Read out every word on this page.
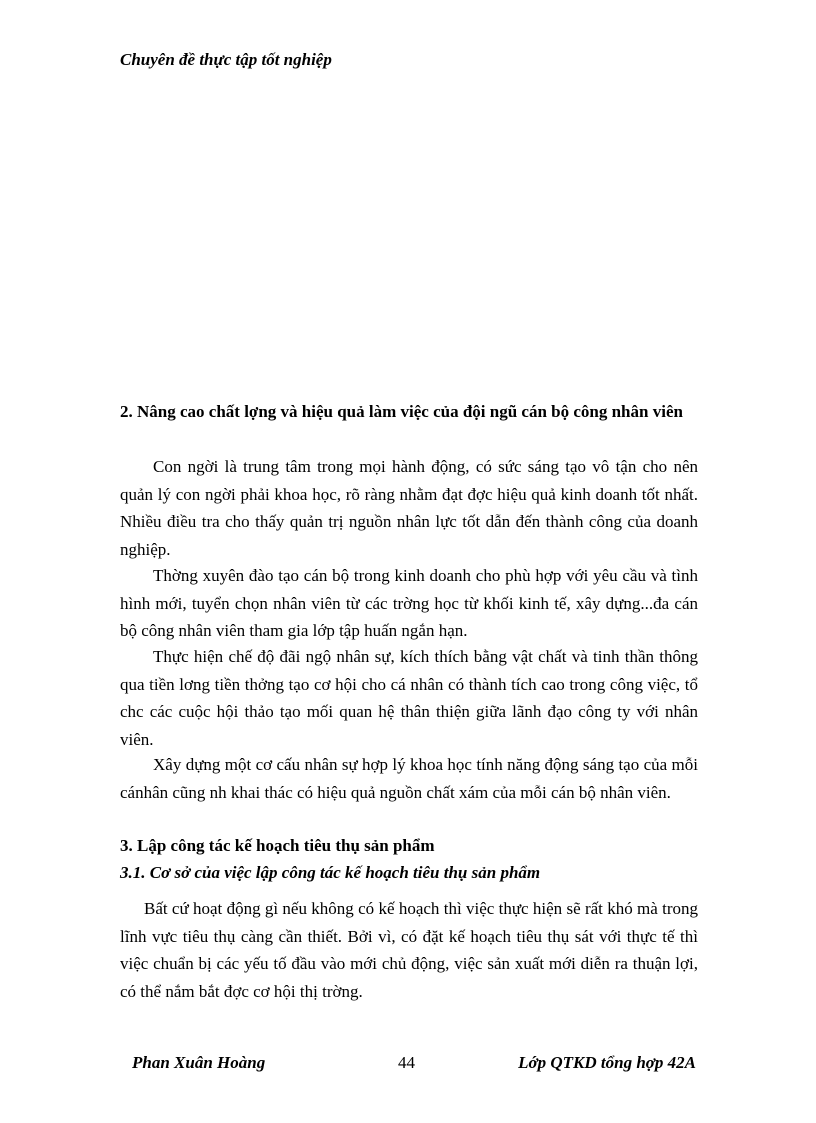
Chuyên đề thực tập tốt nghiệp
2. Nâng cao chất lợng và hiệu quả làm việc của đội ngũ cán bộ công nhân viên
Con ngời là trung tâm trong mọi hành động, có sức sáng tạo vô tận cho nên quản lý con ngời phải khoa học, rõ ràng nhằm đạt đợc hiệu quả kinh doanh tốt nhất. Nhiều điều tra cho thấy quản trị nguồn nhân lực tốt dẫn đến thành công của doanh nghiệp.
Thờng xuyên đào tạo cán bộ trong kinh doanh cho phù hợp với yêu cầu và tình hình mới, tuyển chọn nhân viên từ các trờng học từ khối kinh tế, xây dựng...đa cán bộ công nhân viên tham gia lớp tập huấn ngắn hạn.
Thực hiện chế độ đãi ngộ nhân sự, kích thích bằng vật chất và tinh thần thông qua tiền lơng tiền thởng tạo cơ hội cho cá nhân có thành tích cao trong công việc, tổ chc các cuộc hội thảo tạo mối quan hệ thân thiện giữa lãnh đạo công ty với nhân viên.
Xây dựng một cơ cấu nhân sự hợp lý khoa học tính năng động sáng tạo của mỗi cánhân cũng nh khai thác có hiệu quả nguồn chất xám của mỗi cán bộ nhân viên.
3. Lập công tác kế hoạch tiêu thụ sản phẩm
3.1. Cơ sở của việc lập công tác kế hoạch tiêu thụ sản phẩm
Bất cứ hoạt động gì nếu không có kế hoạch thì việc thực hiện sẽ rất khó mà trong lĩnh vực tiêu thụ càng cần thiết. Bởi vì, có đặt kế hoạch tiêu thụ sát với thực tế thì việc chuẩn bị các yếu tố đầu vào mới chủ động, việc sản xuất mới diễn ra thuận lợi, có thể nắm bắt đợc cơ hội thị trờng.
Phan Xuân Hoàng	44	Lớp QTKD tổng hợp 42A
